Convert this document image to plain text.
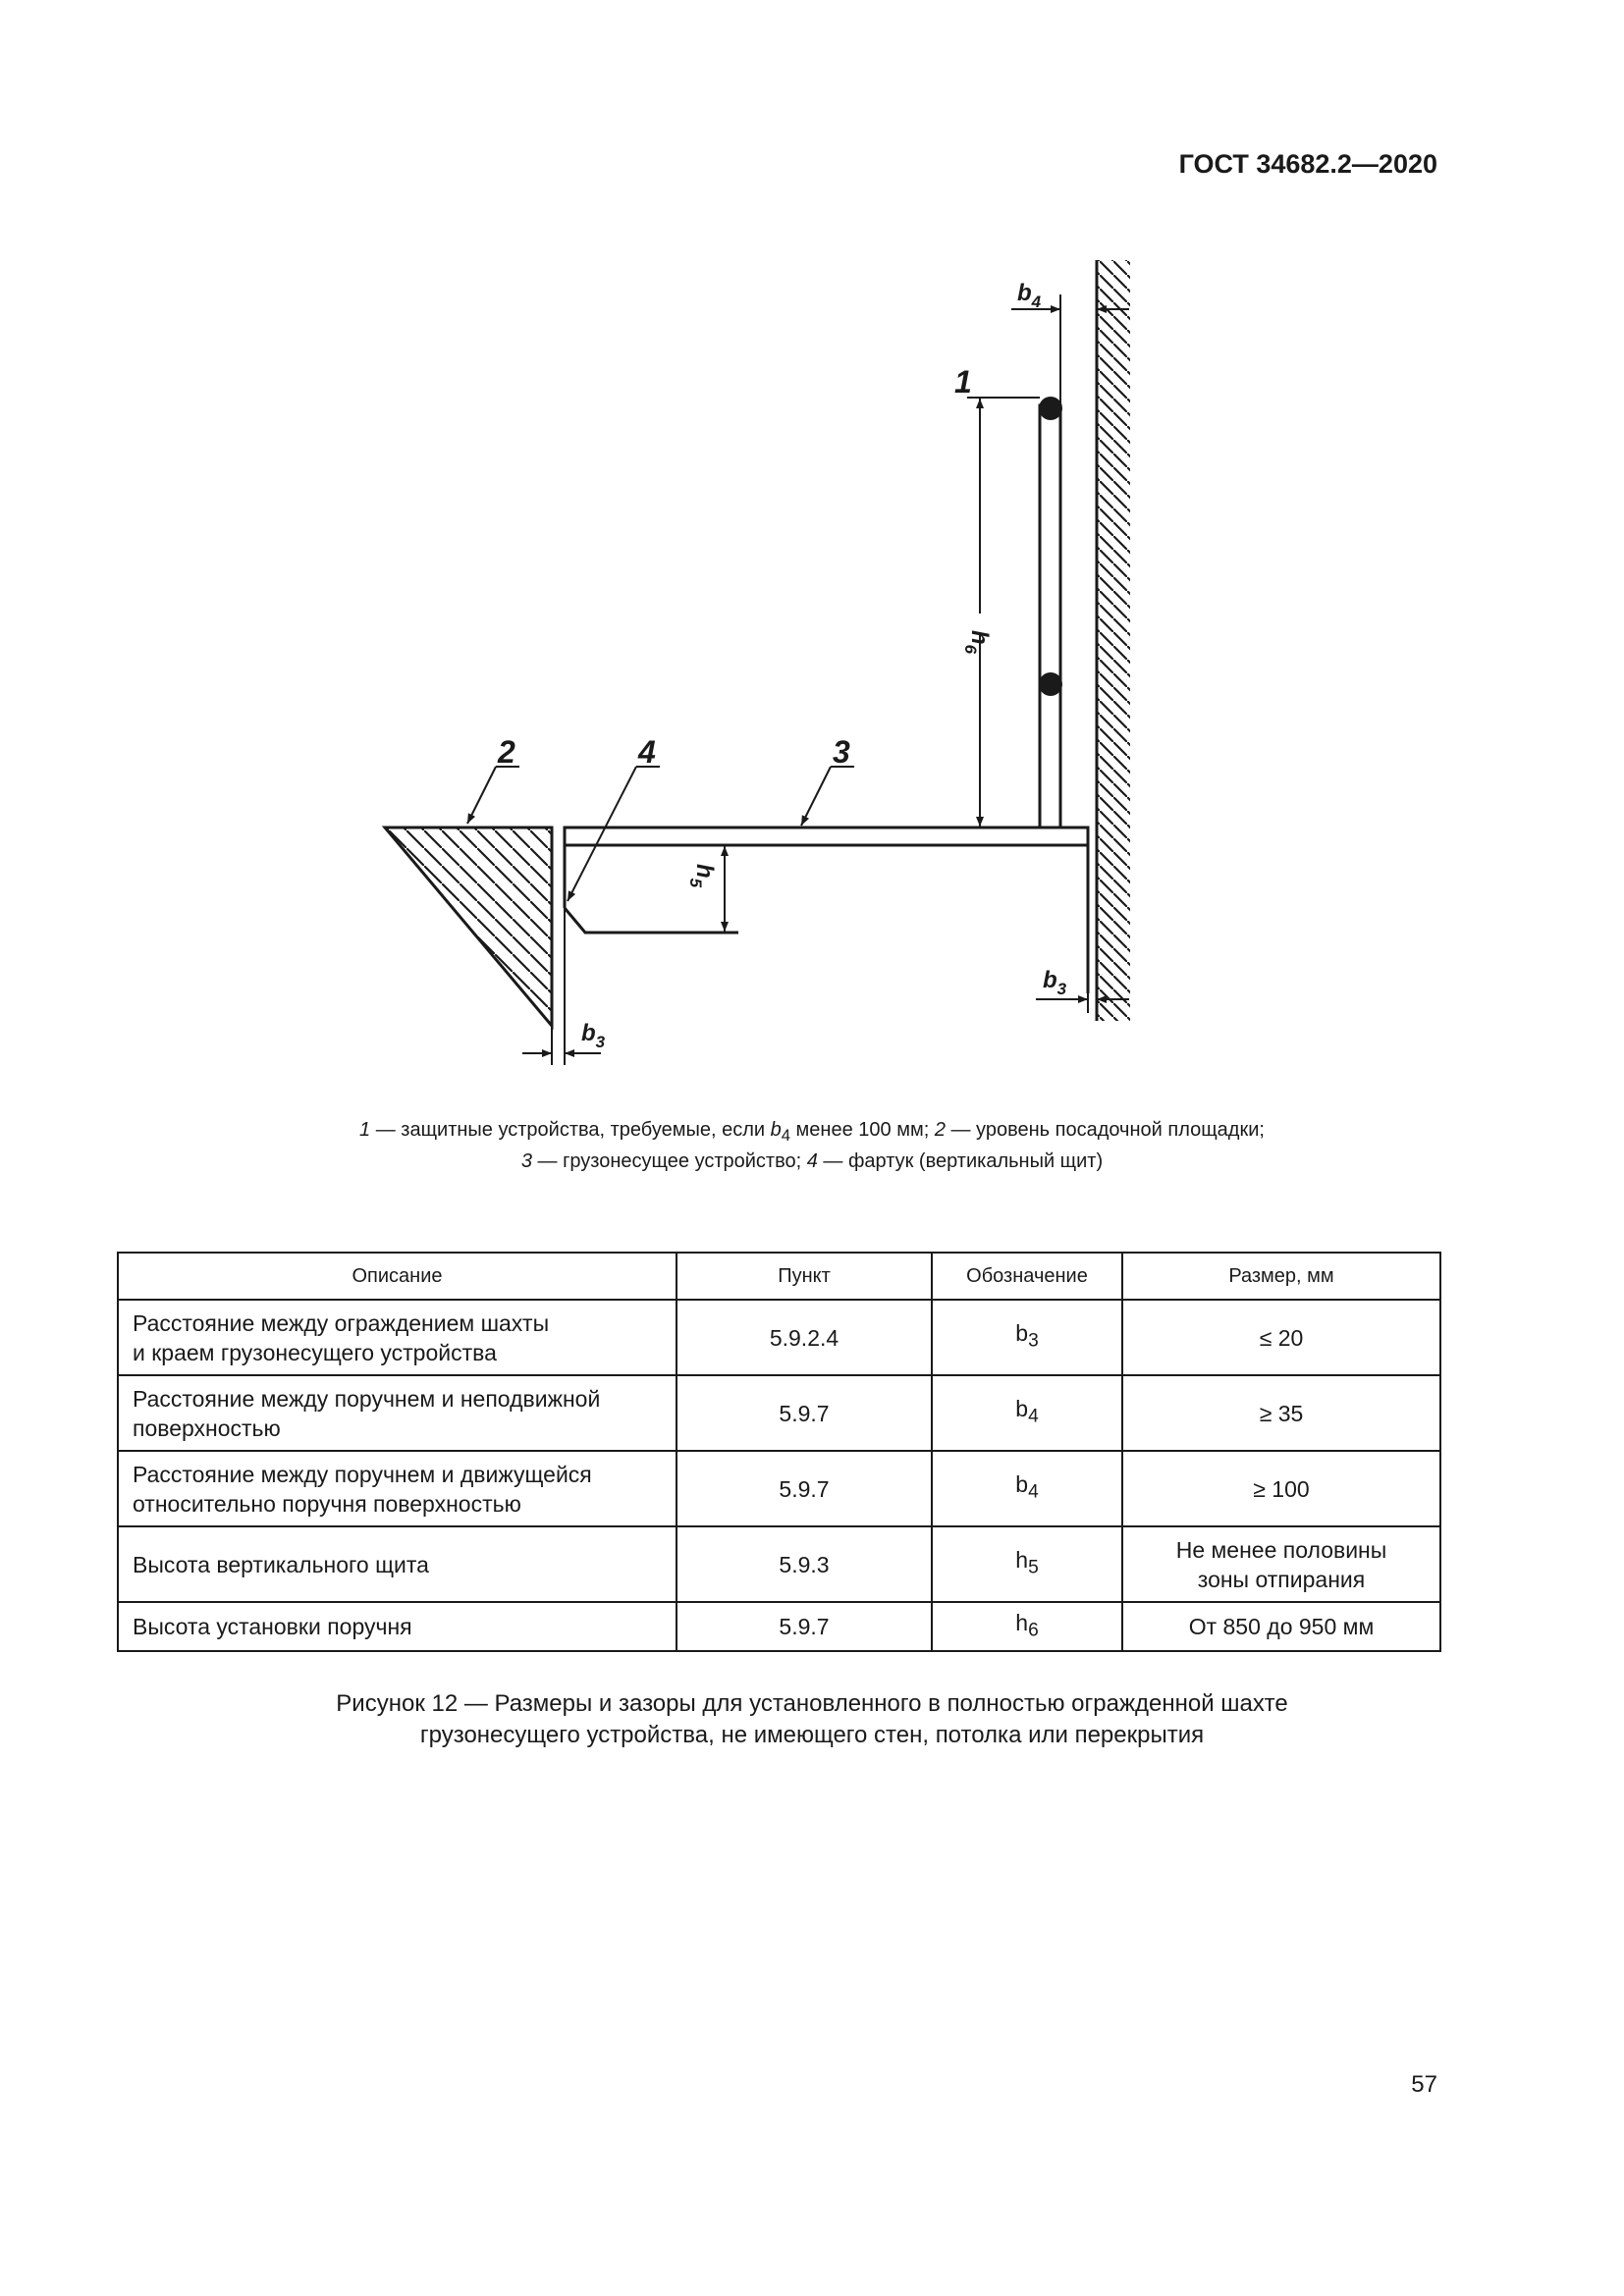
ГОСТ 34682.2—2020
$b_4$
$h_6$
$h_5$
$b_3$
$b_3$
1
2	4	3
1 — защитные устройства, требуемые, если $b_4$ менее 100 мм; 2 — уровень посадочной площадки;
3 — грузонесущее устройство; 4 — фартук (вертикальный щит)
Описание	Пункт	Обозначение	Размер, мм

Расстояние между ограждением шахты
и краем грузонесущего устройства	5.9.2.4	$b_3$	≤ 20

Расстояние между поручнем и неподвижной
поверхностью	5.9.7	$b_4$	≥ 35

Расстояние между поручнем и движущейся
относительно поручня поверхностью	5.9.7	$b_4$	≥ 100

Высота вертикального щита	5.9.3	$h_5$	Не менее половины
зоны отпирания

Высота установки поручня	5.9.7	$h_6$	От 850 до 950 мм
Рисунок 12 — Размеры и зазоры для установленного в полностью огражденной шахте
грузонесущего устройства, не имеющего стен, потолка или перекрытия
57
